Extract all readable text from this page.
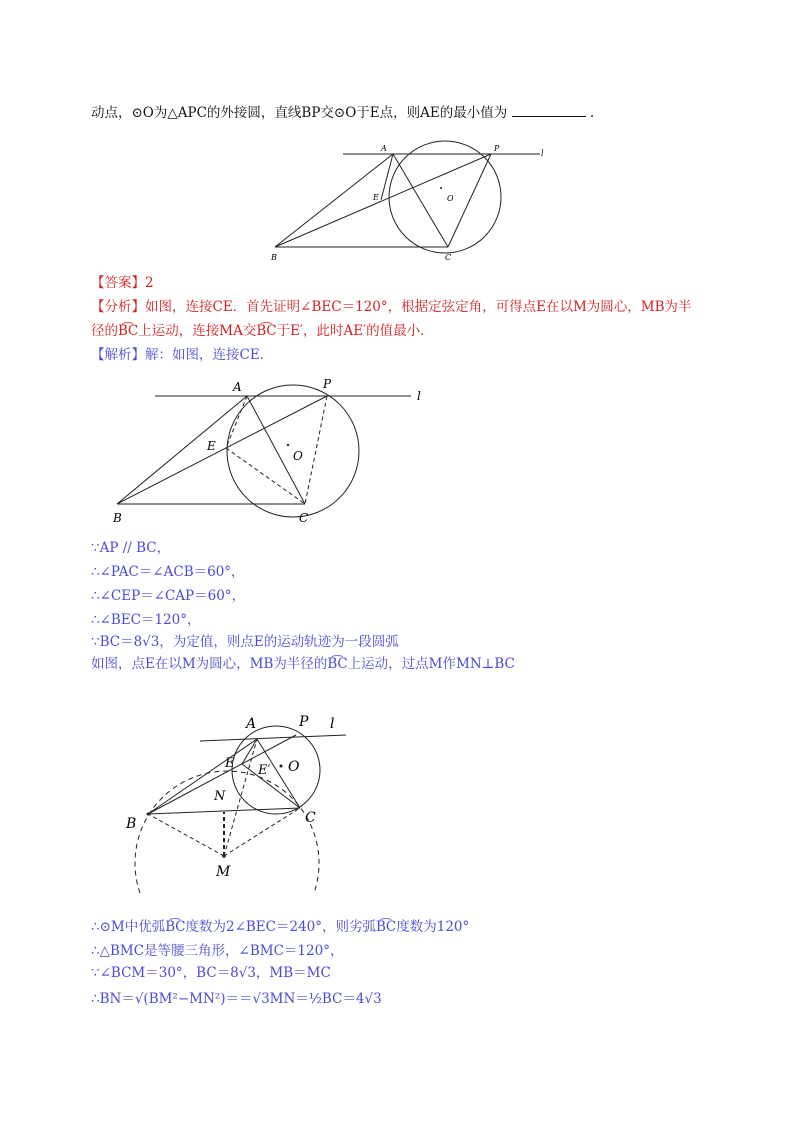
动点，⊙O为△APC的外接圆，直线BP交⊙O于E点，则AE的最小值为	.
A	P
l
E	O
B	C
【答案】2
【分析】如图，连接CE．首先证明∠BEC＝120°，根据定弦定角，可得点E在以M为圆心，MB为半
径的B͡C上运动，连接MA交B͡C于E′，此时AE′的值最小．
【解析】解：如图，连接CE．
A	P
l
E
O
B	C
∵AP // BC，
∴∠PAC＝∠ACB＝60°，
∴∠CEP＝∠CAP＝60°，
∴∠BEC＝120°，
∵BC＝8√3，为定值，则点E的运动轨迹为一段圆弧
如图，点E在以M为圆心，MB为半径的B͡C上运动，过点M作MN⊥BC
A	P l
E E′ O
N
B	C
M
∴⊙M中优弧B͡C度数为2∠BEC＝240°，则劣弧B͡C度数为120°
∴△BMC是等腰三角形，∠BMC＝120°，
∵∠BCM＝30°，BC＝8√3，MB＝MC
∴BN＝√(BM²−MN²)＝＝√3MN＝½BC＝4√3
